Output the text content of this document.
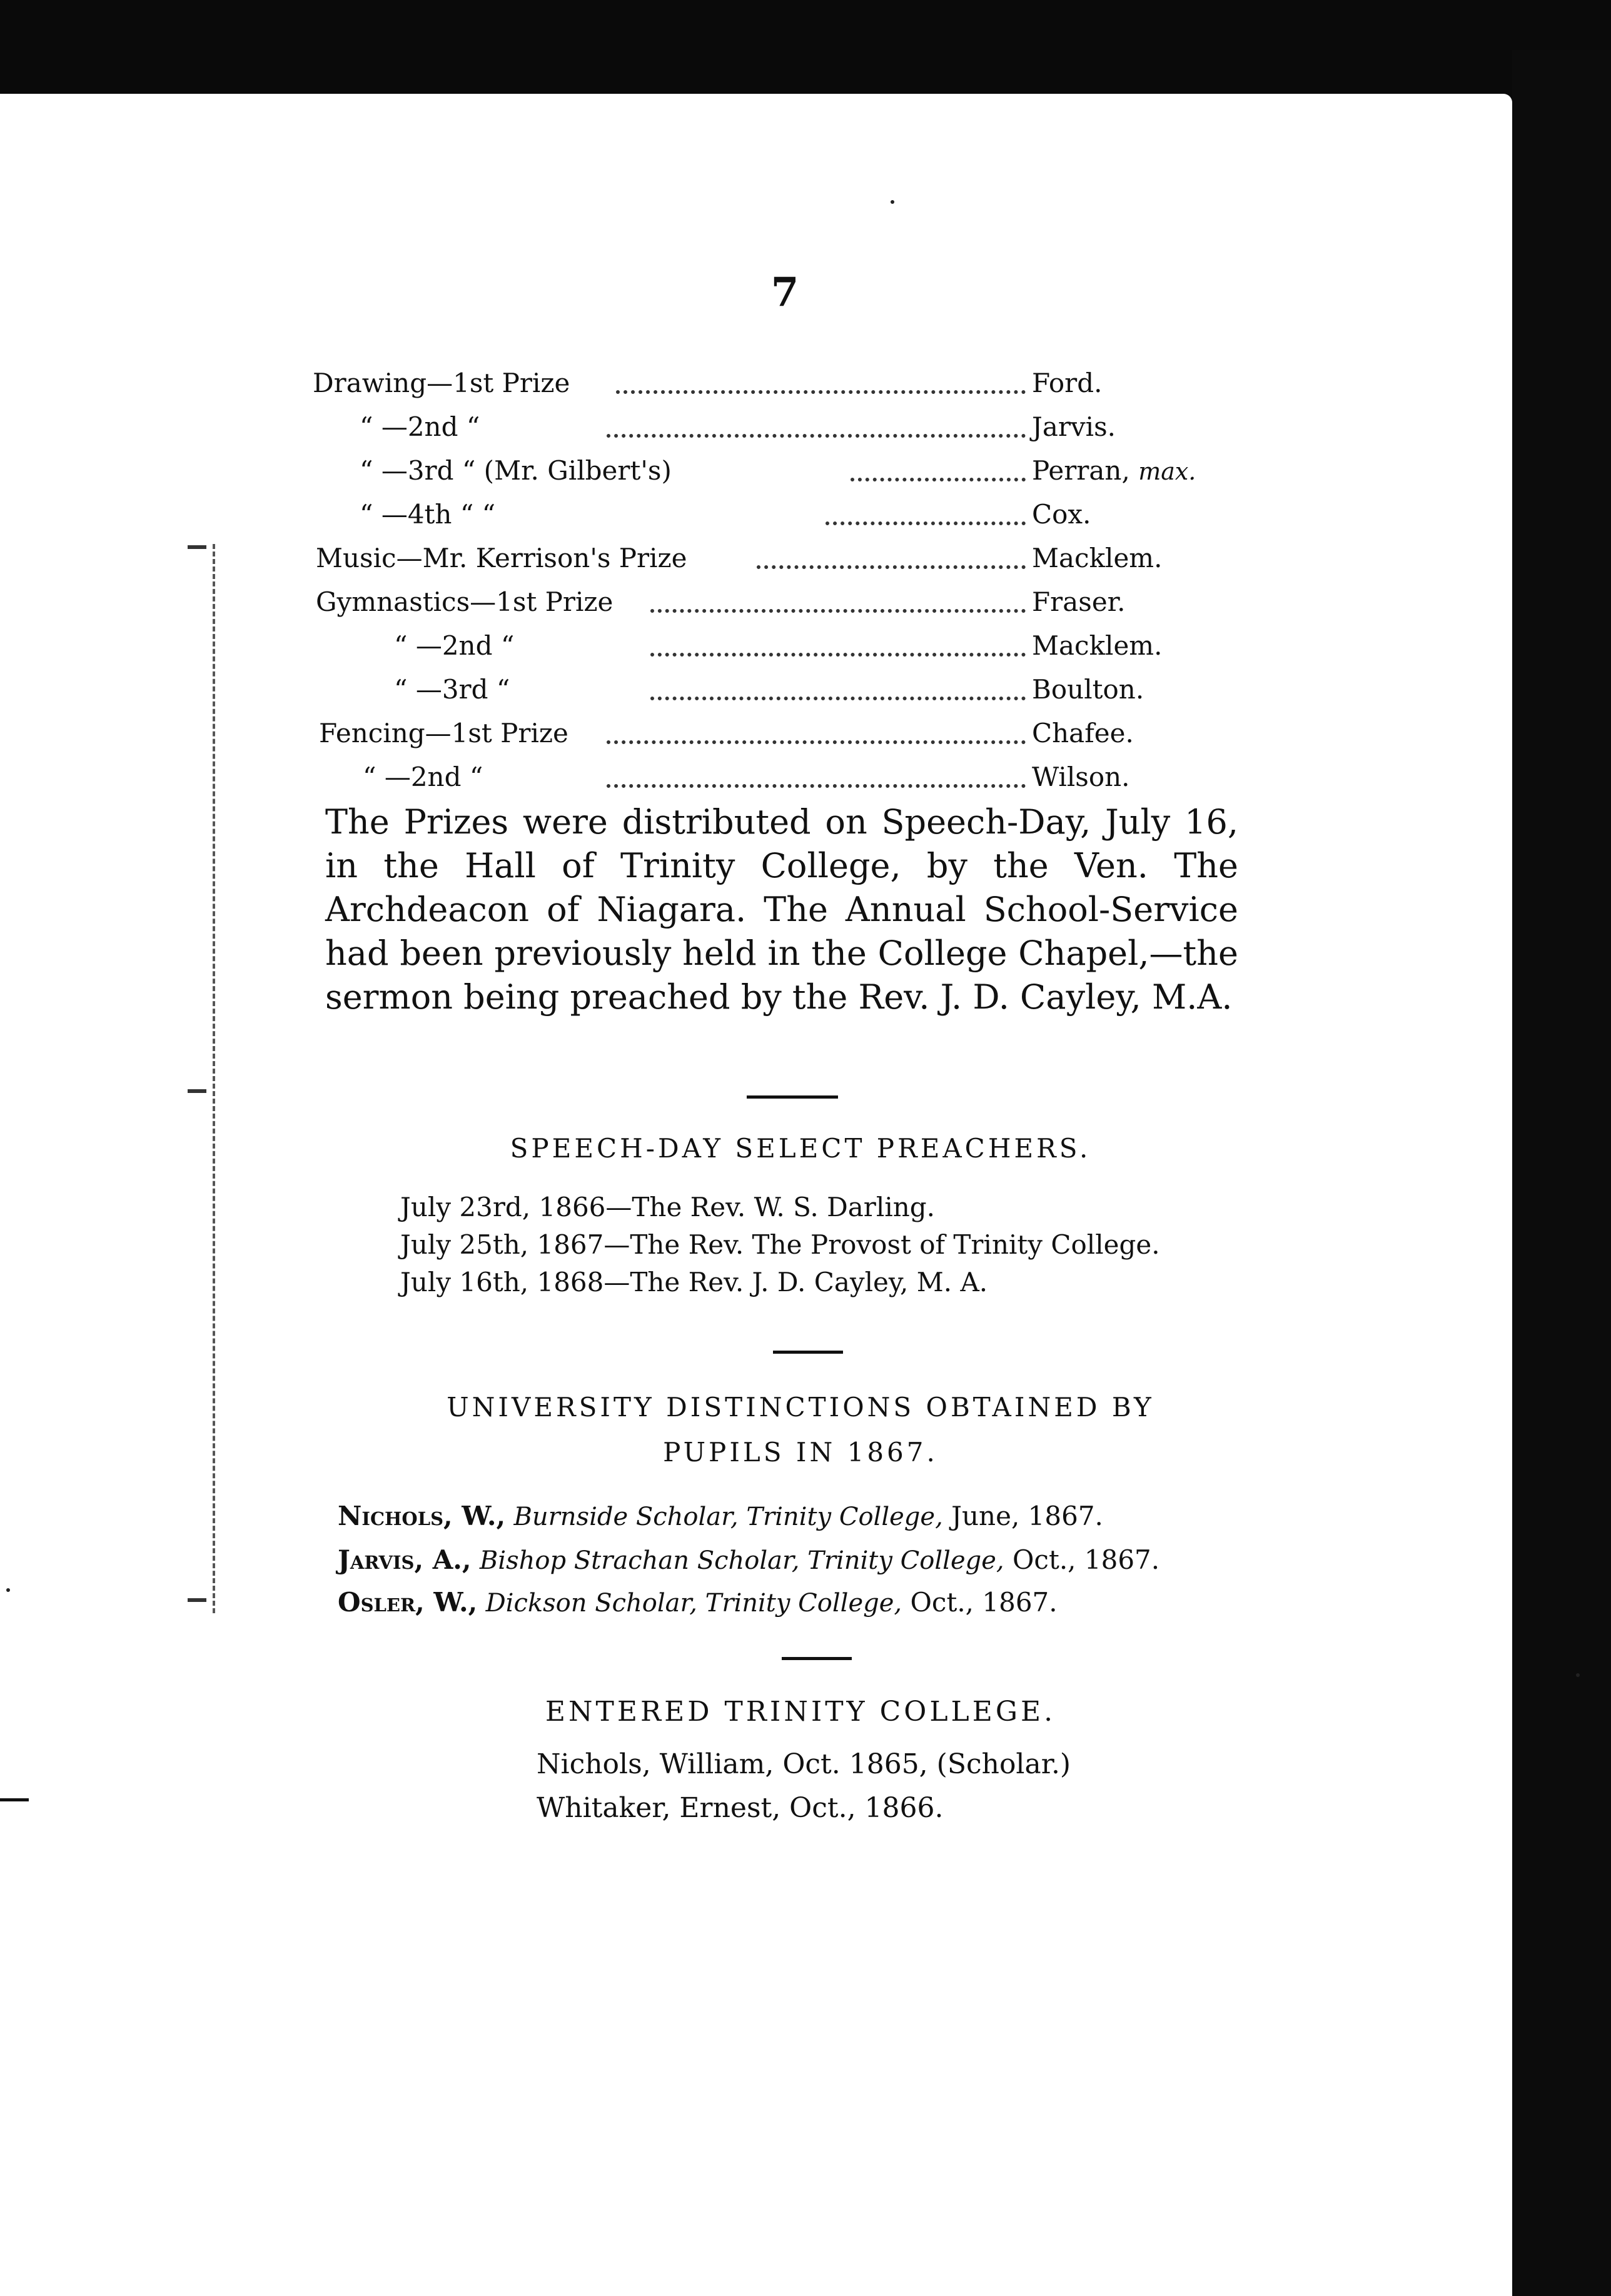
7
Drawing—1st Prize	Ford.
“ —2nd “	Jarvis.
“ —3rd “ (Mr. Gilbert's)	Perran, max.
“ —4th “ “	Cox.
Music—Mr. Kerrison's Prize	Macklem.
Gymnastics—1st Prize	Fraser.
“ —2nd “	Macklem.
“ —3rd “	Boulton.
Fencing—1st Prize	Chafee.
“ —2nd “	Wilson.
The Prizes were distributed on Speech-Day, July 16, in the Hall of Trinity College, by the Ven. The Archdeacon of Niagara. The Annual School-Service had been previously held in the College Chapel,—the sermon being preached by the Rev. J. D. Cayley, M.A.
SPEECH-DAY SELECT PREACHERS.
July 23rd, 1866—The Rev. W. S. Darling.
July 25th, 1867—The Rev. The Provost of Trinity College.
July 16th, 1868—The Rev. J. D. Cayley, M. A.
UNIVERSITY DISTINCTIONS OBTAINED BY
PUPILS IN 1867.
Nichols, W., Burnside Scholar, Trinity College, June, 1867.
Jarvis, A., Bishop Strachan Scholar, Trinity College, Oct., 1867.
Osler, W., Dickson Scholar, Trinity College, Oct., 1867.
ENTERED TRINITY COLLEGE.
Nichols, William, Oct. 1865, (Scholar.)
Whitaker, Ernest, Oct., 1866.
